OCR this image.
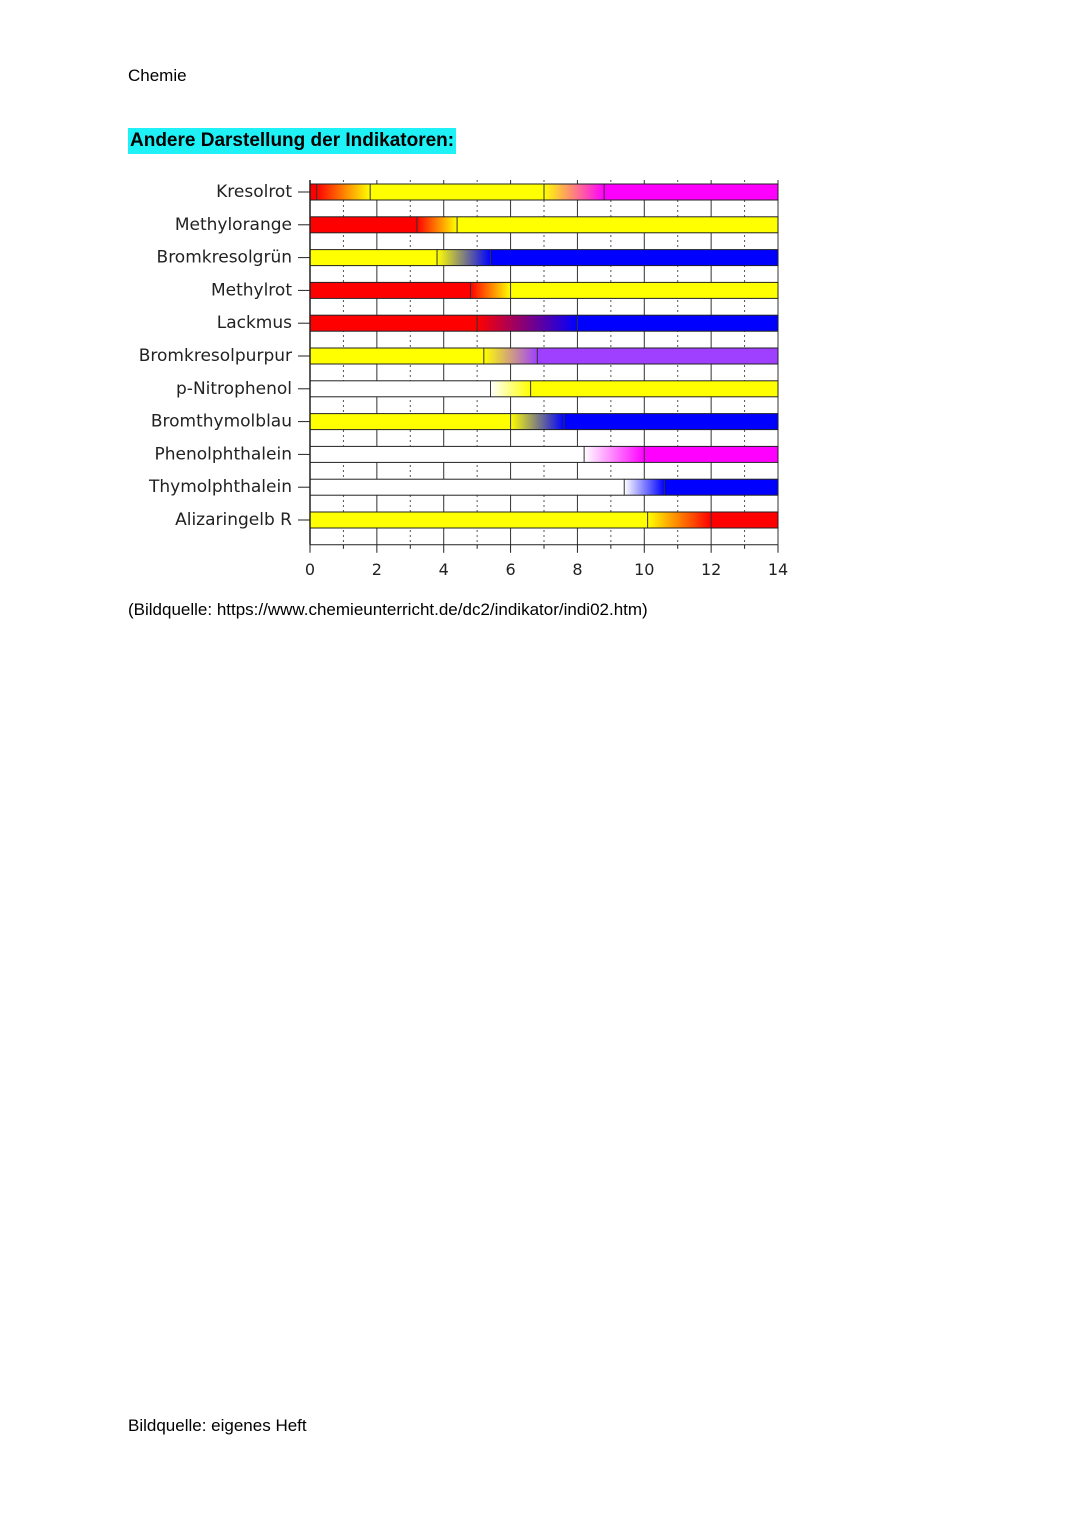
Chemie
Andere Darstellung der Indikatoren:
Kresolrot
Methylorange
Bromkresolgrün
Methylrot
Lackmus
Bromkresolpurpur
p-Nitrophenol
Bromthymolblau
Phenolphthalein
Thymolphthalein
Alizaringelb R
0	2	4	6	8	10	12	14
(Bildquelle: https://www.chemieunterricht.de/dc2/indikator/indi02.htm)
Bildquelle: eigenes Heft
